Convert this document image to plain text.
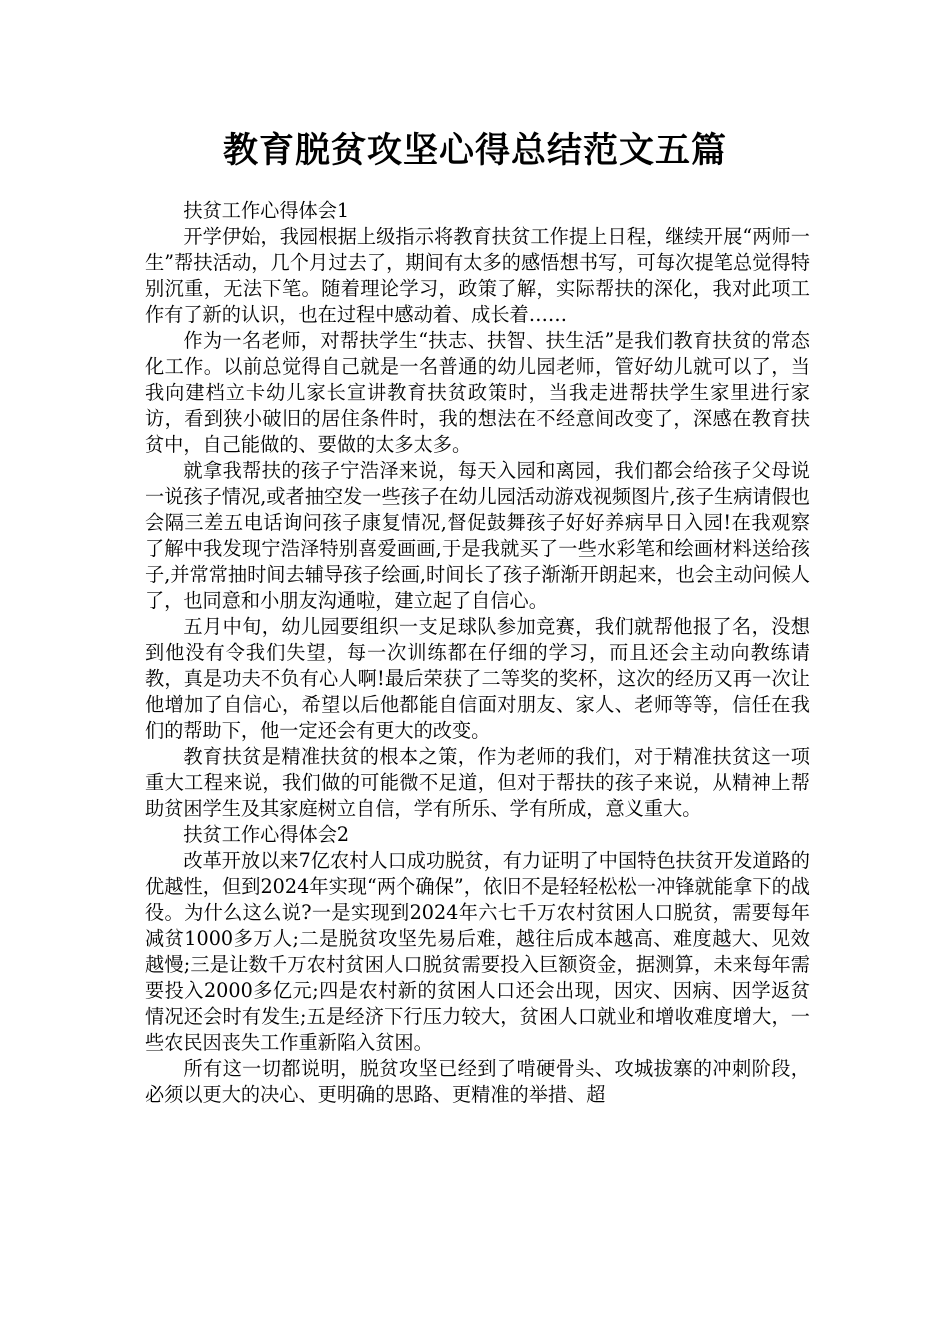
教育脱贫攻坚心得总结范文五篇

扶贫工作心得体会1

开学伊始，我园根据上级指示将教育扶贫工作提上日程，继续开展“两师一生”帮扶活动，几个月过去了，期间有太多的感悟想书写，可每次提笔总觉得特别沉重，无法下笔。随着理论学习，政策了解，实际帮扶的深化，我对此项工作有了新的认识，也在过程中感动着、成长着……

作为一名老师，对帮扶学生“扶志、扶智、扶生活”是我们教育扶贫的常态化工作。以前总觉得自己就是一名普通的幼儿园老师，管好幼儿就可以了，当我向建档立卡幼儿家长宣讲教育扶贫政策时，当我走进帮扶学生家里进行家访，看到狭小破旧的居住条件时，我的想法在不经意间改变了，深感在教育扶贫中，自己能做的、要做的太多太多。

就拿我帮扶的孩子宁浩泽来说，每天入园和离园，我们都会给孩子父母说一说孩子情况,或者抽空发一些孩子在幼儿园活动游戏视频图片,孩子生病请假也会隔三差五电话询问孩子康复情况,督促鼓舞孩子好好养病早日入园!在我观察了解中我发现宁浩泽特别喜爱画画,于是我就买了一些水彩笔和绘画材料送给孩子,并常常抽时间去辅导孩子绘画,时间长了孩子渐渐开朗起来，也会主动问候人了，也同意和小朋友沟通啦，建立起了自信心。

五月中旬，幼儿园要组织一支足球队参加竞赛，我们就帮他报了名，没想到他没有令我们失望，每一次训练都在仔细的学习，而且还会主动向教练请教，真是功夫不负有心人啊!最后荣获了二等奖的奖杯，这次的经历又再一次让他增加了自信心，希望以后他都能自信面对朋友、家人、老师等等，信任在我们的帮助下，他一定还会有更大的改变。

教育扶贫是精准扶贫的根本之策，作为老师的我们，对于精准扶贫这一项重大工程来说，我们做的可能微不足道，但对于帮扶的孩子来说，从精神上帮助贫困学生及其家庭树立自信，学有所乐、学有所成，意义重大。

扶贫工作心得体会2

改革开放以来7亿农村人口成功脱贫，有力证明了中国特色扶贫开发道路的优越性，但到2024年实现“两个确保”，依旧不是轻轻松松一冲锋就能拿下的战役。为什么这么说?一是实现到2024年六七千万农村贫困人口脱贫，需要每年减贫1000多万人;二是脱贫攻坚先易后难，越往后成本越高、难度越大、见效越慢;三是让数千万农村贫困人口脱贫需要投入巨额资金，据测算，未来每年需要投入2000多亿元;四是农村新的贫困人口还会出现，因灾、因病、因学返贫情况还会时有发生;五是经济下行压力较大，贫困人口就业和增收难度增大，一些农民因丧失工作重新陷入贫困。

所有这一切都说明，脱贫攻坚已经到了啃硬骨头、攻城拔寨的冲刺阶段，必须以更大的决心、更明确的思路、更精准的举措、超
